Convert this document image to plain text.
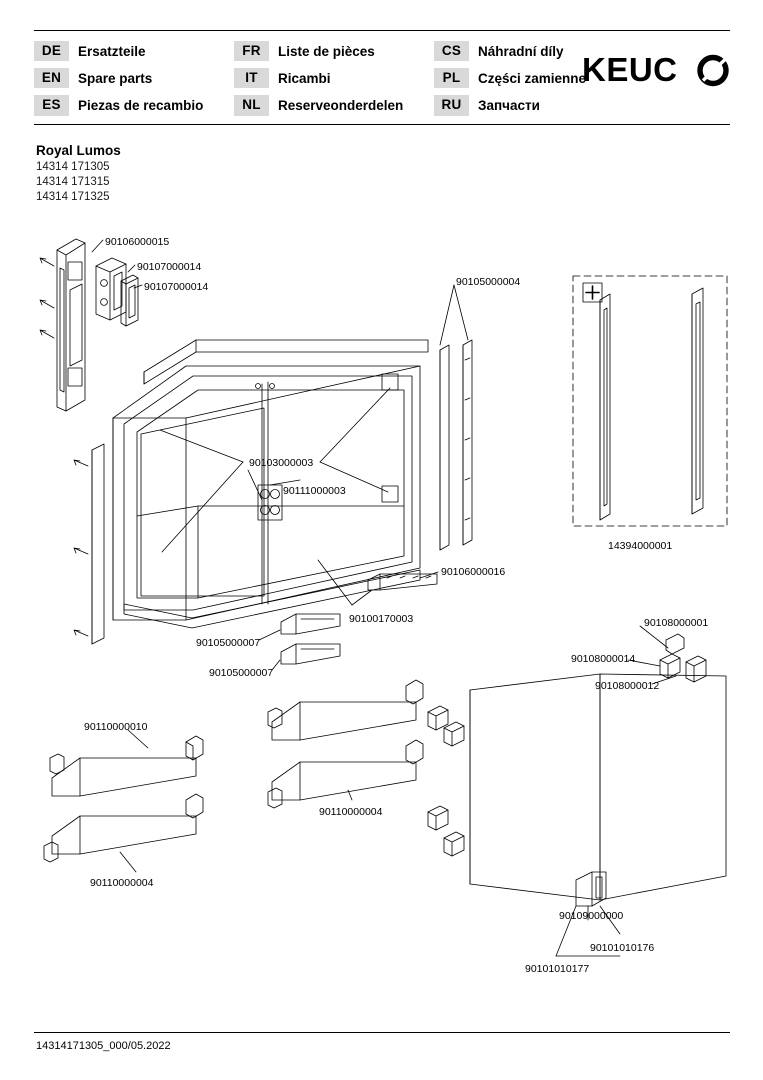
DE	Ersatzteile	FR	Liste de pièces	CS	Náhradní díly
EN	Spare parts	IT	Ricambi	PL	Części zamienne
ES	Piezas de recambio	NL	Reserveonderdelen	RU	Запчасти
KEUC
Royal Lumos
14314 171305
14314 171315
14314 171325
90106000015
90107000014
90107000014	90105000004
90103000003
90111000003
14394000001
90106000016
90100170003
90105000007
90105000007
90108000001
90108000014
90108000012
90110000010
90110000004
90110000004
90109000000
90101010176
90101010177
14314171305_000/05.2022
